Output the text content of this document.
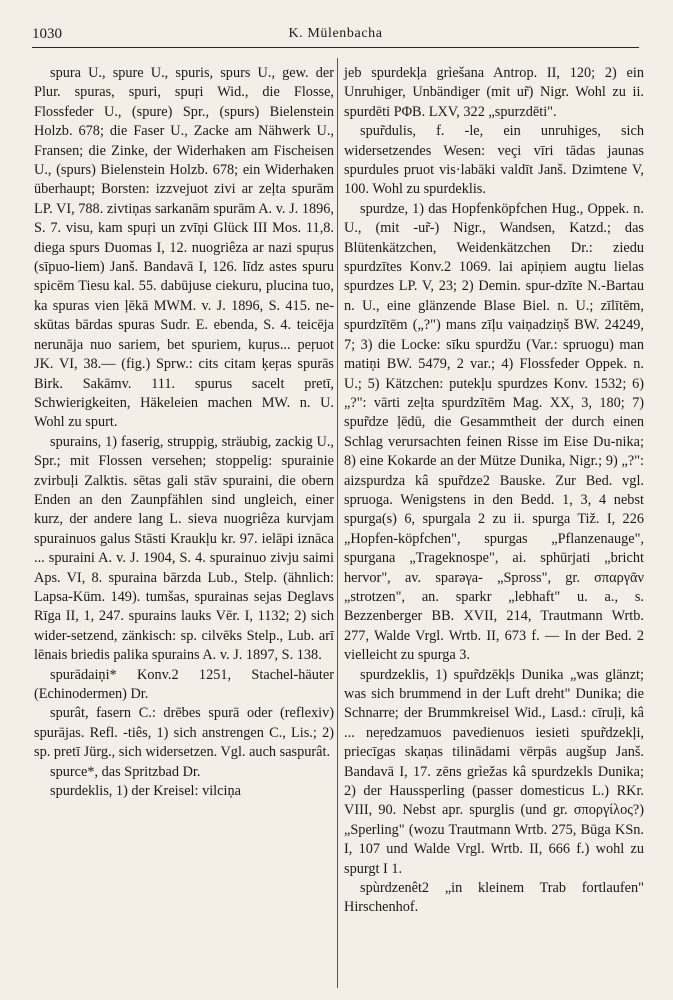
1030	K. Mülenbacha

spura U., spure U., spuris, spurs U., gew. der Plur. spuras, spuri, spuŗi Wid., die Flosse, Flossfeder U., (spure) Spr., (spurs) Bielenstein Holzb. 678; die Faser U., Zacke am Nähwerk U., Fransen; die Zinke, der Widerhaken am Fischeisen U., (spurs) Bielenstein Holzb. 678; ein Widerhaken überhaupt; Borsten: izzvejuot zivi ar zeļta spurām LP. VI, 788. zivtiņas sarkanām spurām A. v. J. 1896, S. 7. visu, kam spuŗi un zvīņi Glück III Mos. 11,8. diega spurs Duomas I, 12. nuogriêza ar nazi spuŗus (sīpuo-liem) Janš. Bandavā I, 126. līdz astes spuru spicēm Tiesu kal. 55. dabūjuse ciekuru, plucina tuo, ka spuras vien ļēkā MWM. v. J. 1896, S. 415. ne-skūtas bārdas spuras Sudr. E. ebenda, S. 4. teicēja nerunāja nuo sariem, bet spuriem, kuŗus... peŗuot JK. VI, 38.— (fig.) Sprw.: cits citam ķeŗas spurās Birk. Sakāmv. 111. spurus sacelt pretī, Schwierigkeiten, Häkeleien machen MW. n. U. Wohl zu spurt.

spurains, 1) faserig, struppig, sträubig, zackig U., Spr.; mit Flossen versehen; stoppelig: spurainie zvirbuļi Zalktis. sētas gali stāv spuraini, die obern Enden an den Zaunpfählen sind ungleich, einer kurz, der andere lang L. sieva nuogriêza kurvjam spurainuos galus Stāsti Kraukļu kr. 97. ielāpi iznāca ... spuraini A. v. J. 1904, S. 4. spurainuo zivju saimi Aps. VI, 8. spuraina bārzda Lub., Stelp. (ähnlich: Lapsa-Küm. 149). tumšas, spurainas sejas Deglavs Rīga II, 1, 247. spurains lauks Vēr. I, 1132; 2) sich wider-setzend, zänkisch: sp. cilvēks Stelp., Lub. arī lēnais briedis palika spurains A. v. J. 1897, S. 138.

spurādaiņi* Konv.2 1251, Stachel-häuter (Echinodermen) Dr.

spurât, fasern C.: drēbes spurā oder (reflexiv) spurājas. Refl. -tiês, 1) sich anstrengen C., Lis.; 2) sp. pretī Jürg., sich widersetzen. Vgl. auch saspurât.

spurce*, das Spritzbad Dr.

spurdeklis, 1) der Kreisel: vilciņa

jeb spurdekļa grìešana Antrop. II, 120; 2) ein Unruhiger, Unbändiger (mit ur̃) Nigr. Wohl zu ii. spurdēti PΦB. LXV, 322 „spurzdēti".

spur̃dulis, f. -le, ein unruhiges, sich widersetzendes Wesen: veçi vīri tādas jaunas spurdules pruot vis·labāki valdīt Janš. Dzimtene V, 100. Wohl zu spurdeklis.

spurdze, 1) das Hopfenköpfchen Hug., Oppek. n. U., (mit -ur̃-) Nigr., Wandsen, Katzd.; das Blütenkätzchen, Weidenkätzchen Dr.: ziedu spurdzītes Konv.2 1069. lai apiņiem augtu lielas spurdzes LP. V, 23; 2) Demin. spur-dzīte N.-Bartau n. U., eine glänzende Blase Biel. n. U.; zīlītēm, spurdzītēm („?") mans zīļu vaiņadziņš BW. 24249, 7; 3) die Locke: sīku spurdžu (Var.: spruogu) man matiņi BW. 5479, 2 var.; 4) Flossfeder Oppek. n. U.; 5) Kätzchen: putekļu spurdzes Konv. 1532; 6) „?": vārti zeļta spurdzītēm Mag. XX, 3, 180; 7) spur̃dze ļēdū, die Gesammtheit der durch einen Schlag verursachten feinen Risse im Eise Du-nika; 8) eine Kokarde an der Mütze Dunika, Nigr.; 9) „?": aizspurdza kâ spur̃dze2 Bauske. Zur Bed. vgl. spruoga. Wenigstens in den Bedd. 1, 3, 4 nebst spurga(s) 6, spurgala 2 zu ii. spurga Tiž. I, 226 „Hopfen-köpfchen", spurgas „Pflanzenauge", spurgana „Trageknospe", ai. sphūrjati „bricht hervor", av. sparəγa- „Spross", gr. σπαργᾶν „strotzen", an. sparkr „lebhaft" u. a., s. Bezzenberger BB. XVII, 214, Trautmann Wrtb. 277, Walde Vrgl. Wrtb. II, 673 f. — In der Bed. 2 vielleicht zu spurga 3.

spurdzeklis, 1) spur̃dzēkļs Dunika „was glänzt; was sich brummend in der Luft dreht" Dunika; die Schnarre; der Brummkreisel Wid., Lasd.: cīruļi, kâ ... neŗedzamuos pavedienuos iesieti spur̃dzekļi, priecīgas skaņas tilinādami vērpās augšup Janš. Bandavā I, 17. zēns grìežas kâ spurdzekls Dunika; 2) der Haussperling (passer domesticus L.) RKr. VIII, 90. Nebst apr. spurglis (und gr. σποργίλος?) „Sperling" (wozu Trautmann Wrtb. 275, Būga KSn. I, 107 und Walde Vrgl. Wrtb. II, 666 f.) wohl zu spurgt I 1.

spùrdzenêt2 „in kleinem Trab fortlaufen" Hirschenhof.
